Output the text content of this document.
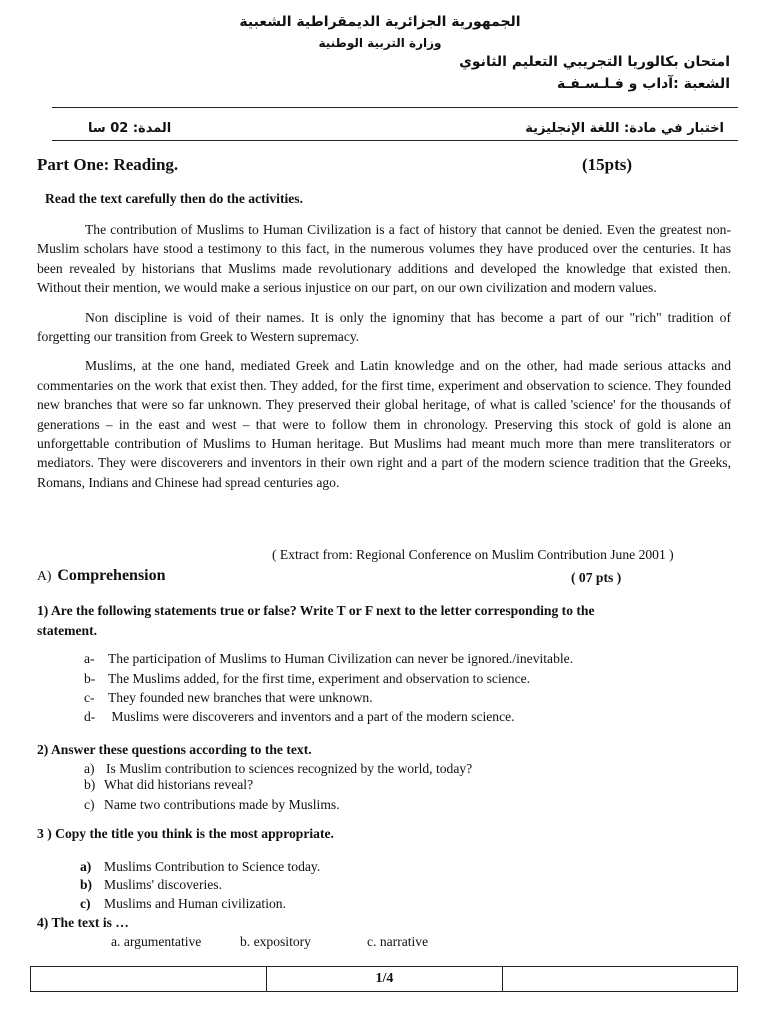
الجمهورية الجزائرية الديمقراطية الشعبية
وزارة التربية الوطنية
امتحان بكالوريا التجريبي التعليم الثانوي
الشعبة :آداب و فـلـسـفـة
اختبار في مادة: اللغة الإنجليزية
المدة: 02 سا
Part One: Reading.	(15pts)
Read the text carefully then do the activities.

The contribution of Muslims to Human Civilization is a fact of history that cannot be denied. Even the greatest non-Muslim scholars have stood a testimony to this fact, in the numerous volumes they have produced over the centuries. It has been revealed by historians that Muslims made revolutionary additions and developed the knowledge that existed then. Without their mention, we would make a serious injustice on our part, on our own civilization and modern values.

Non discipline is void of their names. It is only the ignominy that has become a part of our "rich" tradition of forgetting our transition from Greek to Western supremacy.

Muslims, at the one hand, mediated Greek and Latin knowledge and on the other, had made serious attacks and commentaries on the work that exist then. They added, for the first time, experiment and observation to science. They founded new branches that were so far unknown. They preserved their global heritage, of what is called 'science' for the thousands of generations – in the east and west – that were to follow them in chronology. Preserving this stock of gold is alone an unforgettable contribution of Muslims to Human heritage. But Muslims had meant much more than mere transliterators or mediators. They were discoverers and inventors in their own right and a part of the modern science tradition that the Greeks, Romans, Indians and Chinese had spread centuries ago.

( Extract from: Regional Conference on Muslim Contribution June 2001 )
A) Comprehension	( 07 pts )
1) Are the following statements true or false? Write T or F next to the letter corresponding to the
statement.
a- The participation of Muslims to Human Civilization can never be ignored./inevitable.
b- The Muslims added, for the first time, experiment and observation to science.
c- They founded new branches that were unknown.
d- Muslims were discoverers and inventors and a part of the modern science.
2) Answer these questions according to the text.
a) Is Muslim contribution to sciences recognized by the world, today?
b) What did historians reveal?
c) Name two contributions made by Muslims.
3 ) Copy the title you think is the most appropriate.
a) Muslims Contribution to Science today.
b) Muslims' discoveries.
c) Muslims and Human civilization.
4) The text is …
a. argumentative	b. expository	c. narrative
1/4
